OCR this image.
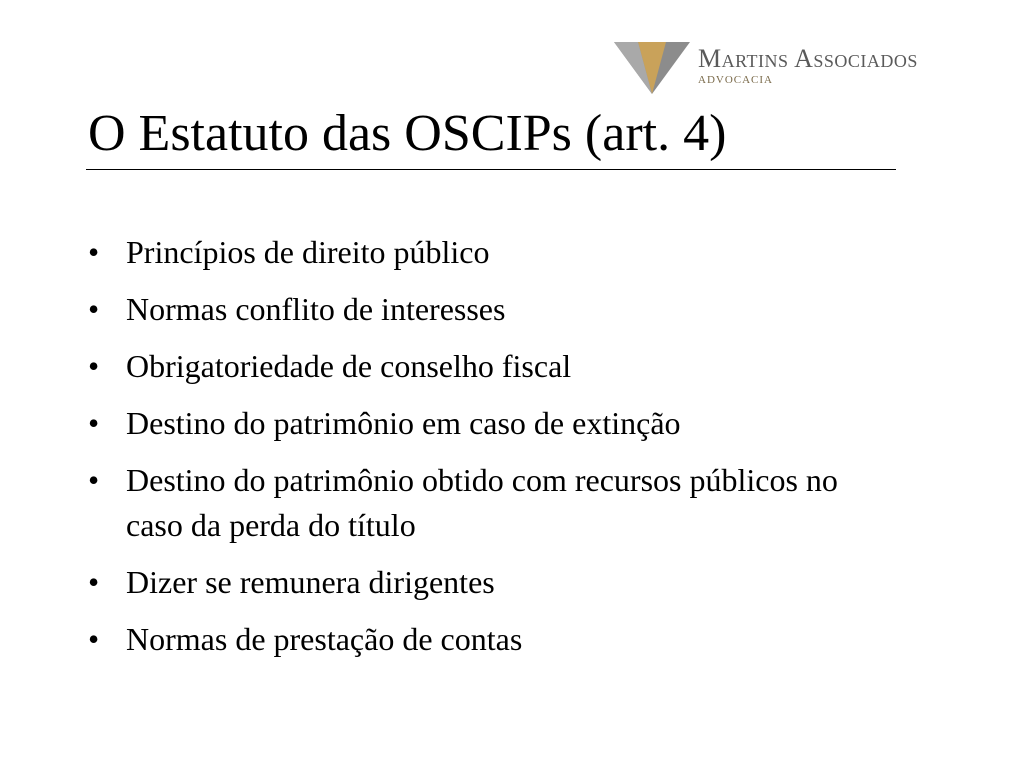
Martins Associados
ADVOCACIA
O Estatuto das OSCIPs (art. 4)
• Princípios de direito público
• Normas conflito de interesses
• Obrigatoriedade de conselho fiscal
• Destino do patrimônio em caso de extinção
• Destino do patrimônio obtido com recursos públicos no caso da perda do título
• Dizer se remunera dirigentes
• Normas de prestação de contas
